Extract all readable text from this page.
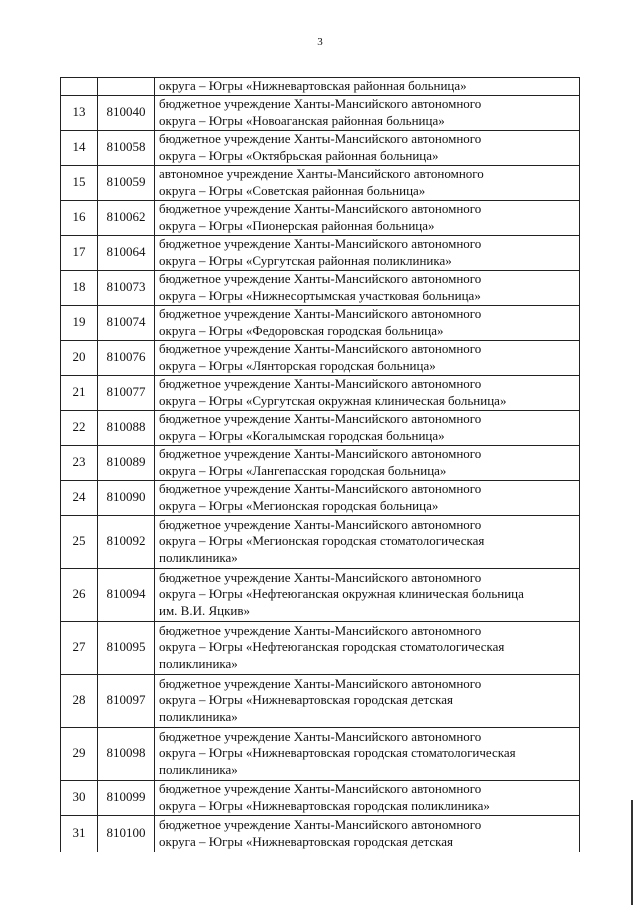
3
		округа – Югры «Нижневартовская районная больница»
13	810040	бюджетное учреждение Ханты-Мансийского автономного
округа – Югры «Новоаганская районная больница»
14	810058	бюджетное учреждение Ханты-Мансийского автономного
округа – Югры «Октябрьская районная больница»
15	810059	автономное учреждение Ханты-Мансийского автономного
округа – Югры «Советская районная больница»
16	810062	бюджетное учреждение Ханты-Мансийского автономного
округа – Югры «Пионерская районная больница»
17	810064	бюджетное учреждение Ханты-Мансийского автономного
округа – Югры «Сургутская районная поликлиника»
18	810073	бюджетное учреждение Ханты-Мансийского автономного
округа – Югры «Нижнесортымская участковая больница»
19	810074	бюджетное учреждение Ханты-Мансийского автономного
округа – Югры «Федоровская городская больница»
20	810076	бюджетное учреждение Ханты-Мансийского автономного
округа – Югры «Лянторская городская больница»
21	810077	бюджетное учреждение Ханты-Мансийского автономного
округа – Югры «Сургутская окружная клиническая больница»
22	810088	бюджетное учреждение Ханты-Мансийского автономного
округа – Югры «Когалымская городская больница»
23	810089	бюджетное учреждение Ханты-Мансийского автономного
округа – Югры «Лангепасская городская больница»
24	810090	бюджетное учреждение Ханты-Мансийского автономного
округа – Югры «Мегионская городская больница»
25	810092	бюджетное учреждение Ханты-Мансийского автономного
округа – Югры «Мегионская городская стоматологическая
поликлиника»
26	810094	бюджетное учреждение Ханты-Мансийского автономного
округа – Югры «Нефтеюганская окружная клиническая больница
им. В.И. Яцкив»
27	810095	бюджетное учреждение Ханты-Мансийского автономного
округа – Югры «Нефтеюганская городская стоматологическая
поликлиника»
28	810097	бюджетное учреждение Ханты-Мансийского автономного
округа – Югры «Нижневартовская городская детская
поликлиника»
29	810098	бюджетное учреждение Ханты-Мансийского автономного
округа – Югры «Нижневартовская городская стоматологическая
поликлиника»
30	810099	бюджетное учреждение Ханты-Мансийского автономного
округа – Югры «Нижневартовская городская поликлиника»
31	810100	бюджетное учреждение Ханты-Мансийского автономного
округа – Югры «Нижневартовская городская детская
